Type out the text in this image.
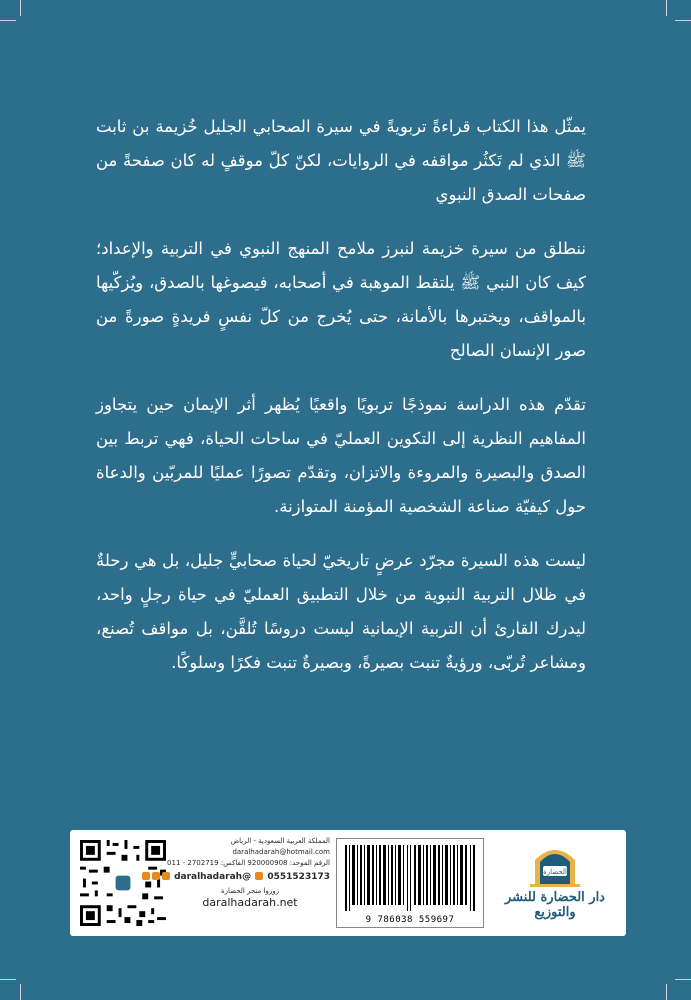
يمثّل هذا الكتاب قراءةً تربويةً في سيرة الصحابي الجليل خُزيمة بن ثابت ﷺ الذي لم تَكثُر مواقفه في الروايات، لكنّ كلّ موقفٍ له كان صفحةً من صفحات الصدق النبوي

ننطلق من سيرة خزيمة لنبرز ملامح المنهج النبوي في التربية والإعداد؛ كيف كان النبي ﷺ يلتقط الموهبة في أصحابه، فيصوغها بالصدق، ويُزكّيها بالمواقف، ويختبرها بالأمانة، حتى يُخرج من كلّ نفسٍ فريدةٍ صورةً من صور الإنسان الصالح

تقدّم هذه الدراسة نموذجًا تربويًا واقعيًا يُظهر أثر الإيمان حين يتجاوز المفاهيم النظرية إلى التكوين العمليّ في ساحات الحياة، فهي تربط بين الصدق والبصيرة والمروءة والاتزان، وتقدّم تصورًا عمليًا للمربّين والدعاة حول كيفيّة صناعة الشخصية المؤمنة المتوازنة.

ليست هذه السيرة مجرّد عرضٍ تاريخيّ لحياة صحابيٍّ جليل، بل هي رحلةٌ في ظلال التربية النبوية من خلال التطبيق العمليّ في حياة رجلٍ واحد، ليدرك القارئ أن التربية الإيمانية ليست دروسًا تُلقَّن، بل مواقف تُصنع، ومشاعر تُربّى، ورؤيةٌ تنبت بصيرةً، وبصيرةٌ تنبت فكرًا وسلوكًا.

المملكة العربية السعودية - الرياض
daralhadarah@hotmail.com
الرقم الموحد: 920000908 الفاكس: 2702719 - 011
0551523173  @daralhadarah
زوروا متجر الحضارة
daralhadarah.net
9 786038 559697
الحضارة
دار الحضارة للنشر والتوزيع
